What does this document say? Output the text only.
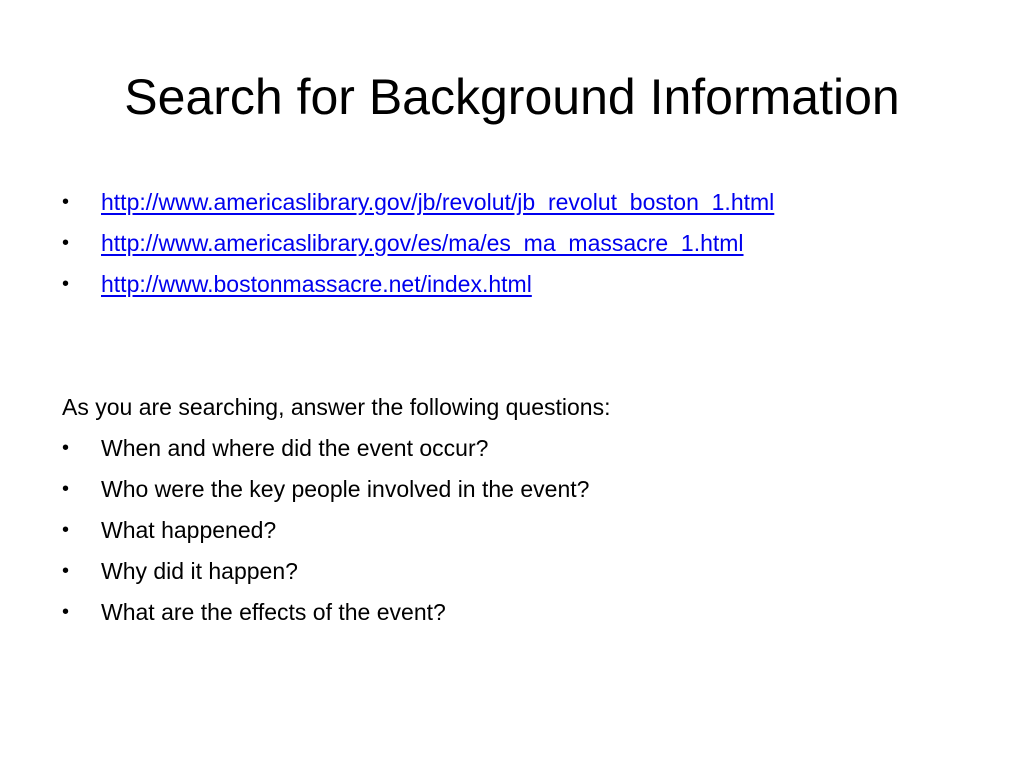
Search for Background Information
•	http://www.americaslibrary.gov/jb/revolut/jb_revolut_boston_1.html
•	http://www.americaslibrary.gov/es/ma/es_ma_massacre_1.html
•	http://www.bostonmassacre.net/index.html
As you are searching, answer the following questions:
•	When and where did the event occur?
•	Who were the key people involved in the event?
•	What happened?
•	Why did it happen?
•	What are the effects of the event?
